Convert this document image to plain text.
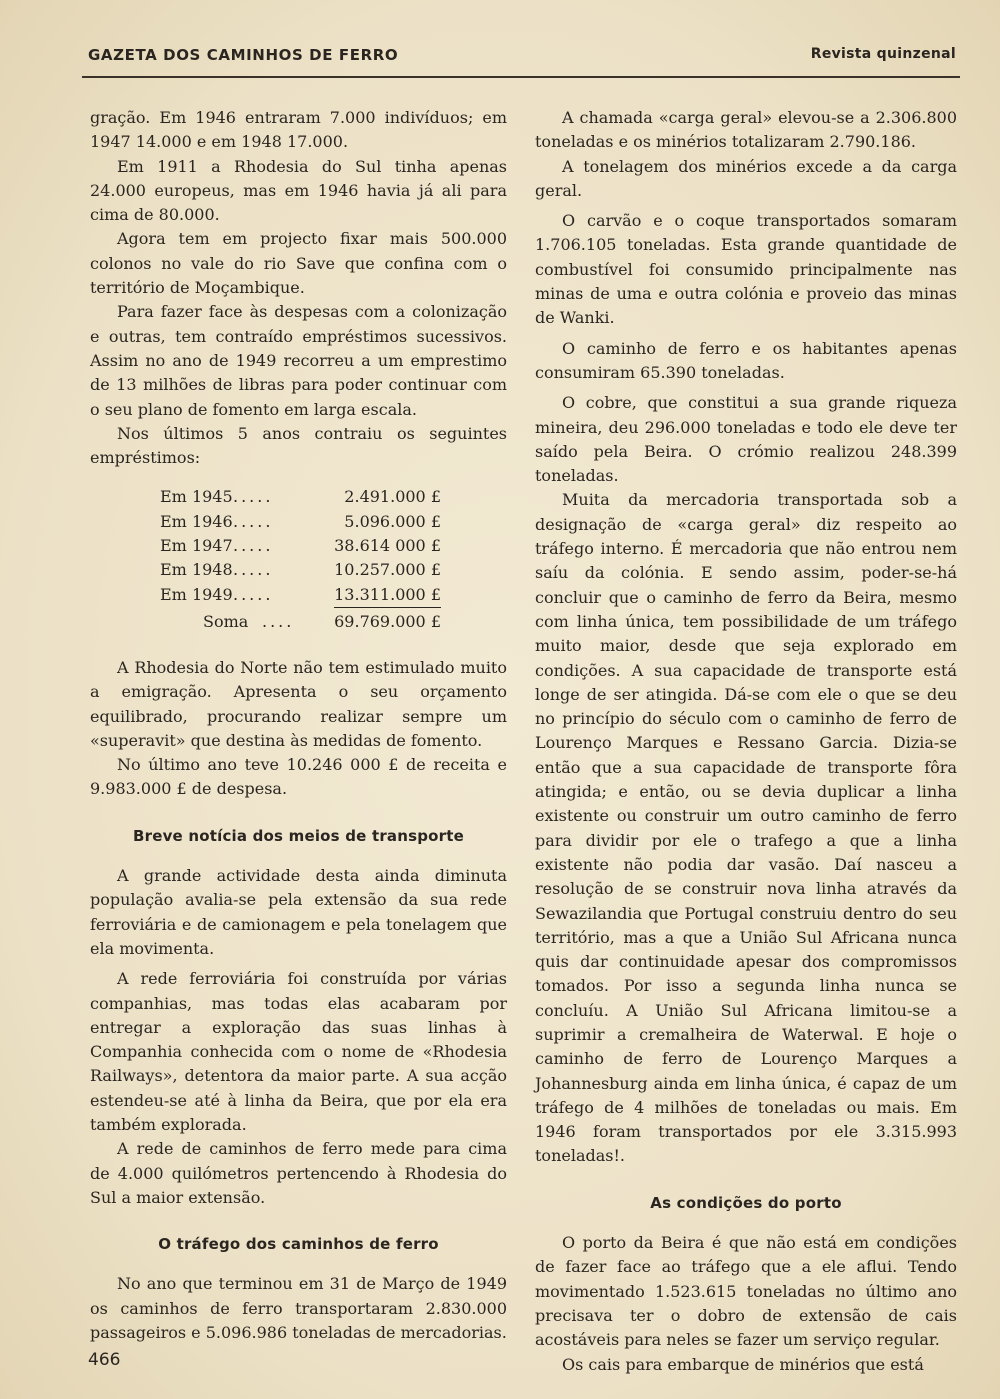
GAZETA DOS CAMINHOS DE FERRO	Revista quinzenal

gração. Em 1946 entraram 7.000 indivíduos; em 1947 14.000 e em 1948 17.000.

Em 1911 a Rhodesia do Sul tinha apenas 24.000 europeus, mas em 1946 havia já ali para cima de 80.000.

Agora tem em projecto fixar mais 500.000 colonos no vale do rio Save que confina com o território de Moçambique.

Para fazer face às despesas com a colonização e outras, tem contraído empréstimos sucessivos. Assim no ano de 1949 recorreu a um emprestimo de 13 milhões de libras para poder continuar com o seu plano de fomento em larga escala.

Nos últimos 5 anos contraiu os seguintes empréstimos:

Em 1945 .....	2.491.000 £
Em 1946 .....	5.096.000 £
Em 1947 .....	38.614 000 £
Em 1948 .....	10.257.000 £
Em 1949 .....	13.311.000 £
Soma .... 69.769.000 £

A Rhodesia do Norte não tem estimulado muito a emigração. Apresenta o seu orçamento equilibrado, procurando realizar sempre um «superavit» que destina às medidas de fomento.

No último ano teve 10.246 000 £ de receita e 9.983.000 £ de despesa.

Breve notícia dos meios de transporte

A grande actividade desta ainda diminuta população avalia-se pela extensão da sua rede ferroviária e de camionagem e pela tonelagem que ela movimenta.

A rede ferroviária foi construída por várias companhias, mas todas elas acabaram por entregar a exploração das suas linhas à Companhia conhecida com o nome de «Rhodesia Railways», detentora da maior parte. A sua acção estendeu-se até à linha da Beira, que por ela era também explorada.

A rede de caminhos de ferro mede para cima de 4.000 quilómetros pertencendo à Rhodesia do Sul a maior extensão.

O tráfego dos caminhos de ferro

No ano que terminou em 31 de Março de 1949 os caminhos de ferro transportaram 2.830.000 passageiros e 5.096.986 toneladas de mercadorias.

A chamada «carga geral» elevou-se a 2.306.800 toneladas e os minérios totalizaram 2.790.186.

A tonelagem dos minérios excede a da carga geral.

O carvão e o coque transportados somaram 1.706.105 toneladas. Esta grande quantidade de combustível foi consumido principalmente nas minas de uma e outra colónia e proveio das minas de Wanki.

O caminho de ferro e os habitantes apenas consumiram 65.390 toneladas.

O cobre, que constitui a sua grande riqueza mineira, deu 296.000 toneladas e todo ele deve ter saído pela Beira. O crómio realizou 248.399 toneladas.

Muita da mercadoria transportada sob a designação de «carga geral» diz respeito ao tráfego interno. É mercadoria que não entrou nem saíu da colónia. E sendo assim, poder-se-há concluir que o caminho de ferro da Beira, mesmo com linha única, tem possibilidade de um tráfego muito maior, desde que seja explorado em condições. A sua capacidade de transporte está longe de ser atingida. Dá-se com ele o que se deu no princípio do século com o caminho de ferro de Lourenço Marques e Ressano Garcia. Dizia-se então que a sua capacidade de transporte fôra atingida; e então, ou se devia duplicar a linha existente ou construir um outro caminho de ferro para dividir por ele o trafego a que a linha existente não podia dar vasão. Daí nasceu a resolução de se construir nova linha através da Sewazilandia que Portugal construiu dentro do seu território, mas a que a União Sul Africana nunca quis dar continuidade apesar dos compromissos tomados. Por isso a segunda linha nunca se concluíu. A União Sul Africana limitou-se a suprimir a cremalheira de Waterwal. E hoje o caminho de ferro de Lourenço Marques a Johannesburg ainda em linha única, é capaz de um tráfego de 4 milhões de toneladas ou mais. Em 1946 foram transportados por ele 3.315.993 toneladas!.

As condições do porto

O porto da Beira é que não está em condições de fazer face ao tráfego que a ele aflui. Tendo movimentado 1.523.615 toneladas no último ano precisava ter o dobro de extensão de cais acostáveis para neles se fazer um serviço regular.

Os cais para embarque de minérios que está

466
